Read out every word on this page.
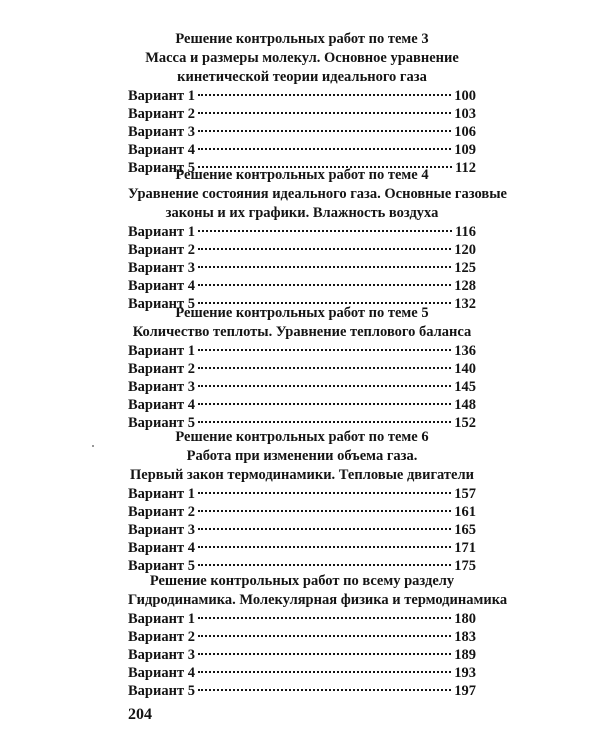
Решение контрольных работ по теме 3
Масса и размеры молекул. Основное уравнение
кинетической теории идеального газа
Вариант 1	100
Вариант 2	103
Вариант 3	106
Вариант 4	109
Вариант 5	112
Решение контрольных работ по теме 4
Уравнение состояния идеального газа. Основные газовые
законы и их графики. Влажность воздуха
Вариант 1	116
Вариант 2	120
Вариант 3	125
Вариант 4	128
Вариант 5	132
Решение контрольных работ по теме 5
Количество теплоты. Уравнение теплового баланса
Вариант 1	136
Вариант 2	140
Вариант 3	145
Вариант 4	148
Вариант 5	152
Решение контрольных работ по теме 6
Работа при изменении объема газа.
Первый закон термодинамики. Тепловые двигатели
Вариант 1	157
Вариант 2	161
Вариант 3	165
Вариант 4	171
Вариант 5	175
Решение контрольных работ по всему разделу
Гидродинамика. Молекулярная физика и термодинамика
Вариант 1	180
Вариант 2	183
Вариант 3	189
Вариант 4	193
Вариант 5	197
204
